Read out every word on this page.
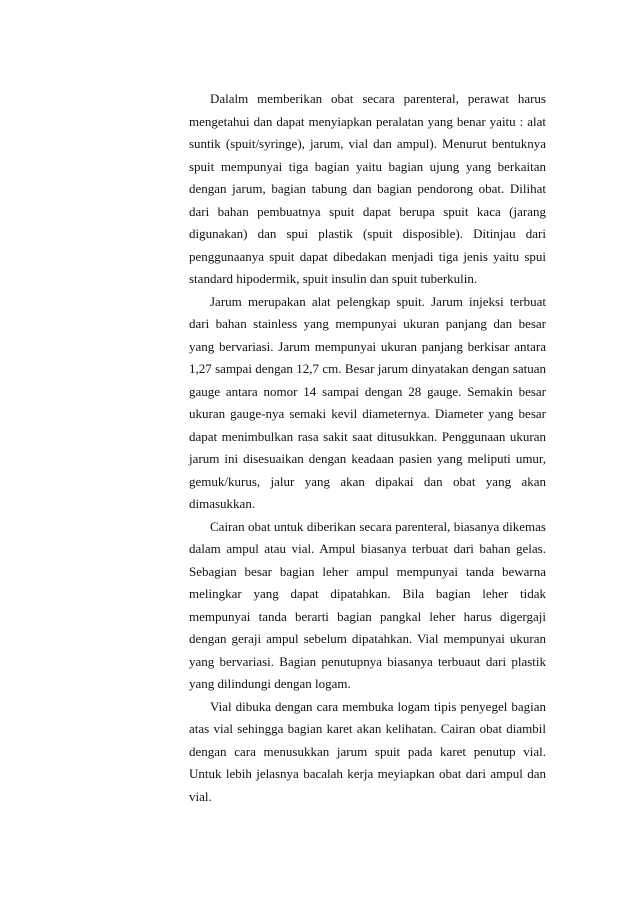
Dalalm memberikan obat secara parenteral, perawat harus mengetahui dan dapat menyiapkan peralatan yang benar yaitu : alat suntik (spuit/syringe), jarum, vial dan ampul). Menurut bentuknya spuit mempunyai tiga bagian yaitu bagian ujung yang berkaitan dengan jarum, bagian tabung dan bagian pendorong obat. Dilihat dari bahan pembuatnya spuit dapat berupa spuit kaca (jarang digunakan) dan spui plastik (spuit disposible). Ditinjau dari penggunaanya spuit dapat dibedakan menjadi tiga jenis yaitu spui standard hipodermik, spuit insulin dan spuit tuberkulin.

Jarum merupakan alat pelengkap spuit. Jarum injeksi terbuat dari bahan stainless yang mempunyai ukuran panjang dan besar yang bervariasi. Jarum mempunyai ukuran panjang berkisar antara 1,27 sampai dengan 12,7 cm. Besar jarum dinyatakan dengan satuan gauge antara nomor 14 sampai dengan 28 gauge. Semakin besar ukuran gauge-nya semaki kevil diameternya. Diameter yang besar dapat menimbulkan rasa sakit saat ditusukkan. Penggunaan ukuran jarum ini disesuaikan dengan keadaan pasien yang meliputi umur, gemuk/kurus, jalur yang akan dipakai dan obat yang akan dimasukkan.

Cairan obat untuk diberikan secara parenteral, biasanya dikemas dalam ampul atau vial. Ampul biasanya terbuat dari bahan gelas. Sebagian besar bagian leher ampul mempunyai tanda bewarna melingkar yang dapat dipatahkan. Bila bagian leher tidak mempunyai tanda berarti bagian pangkal leher harus digergaji dengan geraji ampul sebelum dipatahkan. Vial mempunyai ukuran yang bervariasi. Bagian penutupnya biasanya terbuaut dari plastik yang dilindungi dengan logam.

Vial dibuka dengan cara membuka logam tipis penyegel bagian atas vial sehingga bagian karet akan kelihatan. Cairan obat diambil dengan cara menusukkan jarum spuit pada karet penutup vial. Untuk lebih jelasnya bacalah kerja meyiapkan obat dari ampul dan vial.
